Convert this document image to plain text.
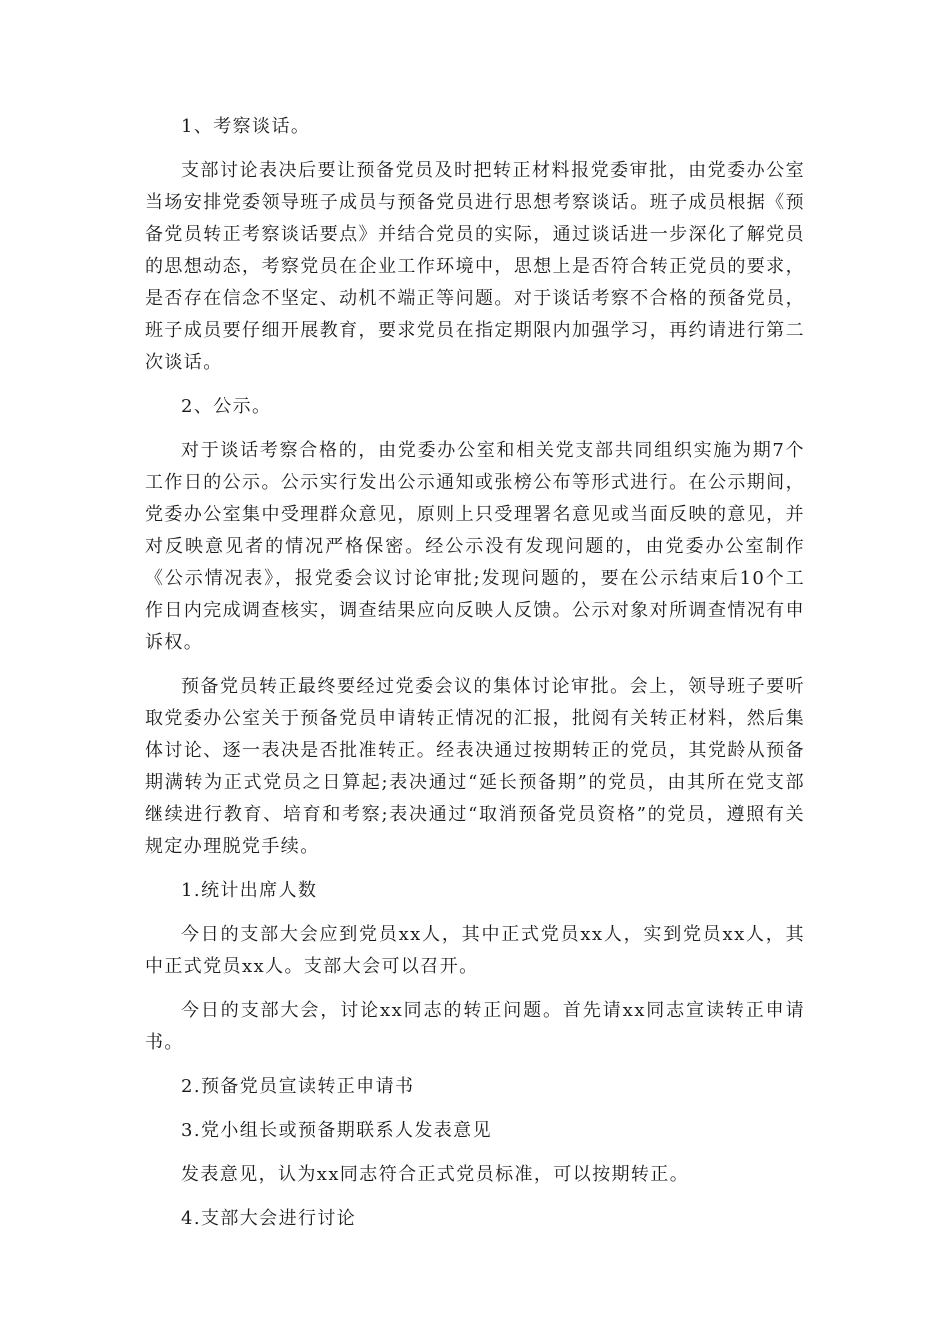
1、考察谈话。

支部讨论表决后要让预备党员及时把转正材料报党委审批，由党委办公室当场安排党委领导班子成员与预备党员进行思想考察谈话。班子成员根据《预备党员转正考察谈话要点》并结合党员的实际，通过谈话进一步深化了解党员的思想动态，考察党员在企业工作环境中，思想上是否符合转正党员的要求，是否存在信念不坚定、动机不端正等问题。对于谈话考察不合格的预备党员，班子成员要仔细开展教育，要求党员在指定期限内加强学习，再约请进行第二次谈话。

2、公示。

对于谈话考察合格的，由党委办公室和相关党支部共同组织实施为期7个工作日的公示。公示实行发出公示通知或张榜公布等形式进行。在公示期间，党委办公室集中受理群众意见，原则上只受理署名意见或当面反映的意见，并对反映意见者的情况严格保密。经公示没有发现问题的，由党委办公室制作《公示情况表》，报党委会议讨论审批;发现问题的，要在公示结束后10个工作日内完成调查核实，调查结果应向反映人反馈。公示对象对所调查情况有申诉权。

预备党员转正最终要经过党委会议的集体讨论审批。会上，领导班子要听取党委办公室关于预备党员申请转正情况的汇报，批阅有关转正材料，然后集体讨论、逐一表决是否批准转正。经表决通过按期转正的党员，其党龄从预备期满转为正式党员之日算起;表决通过“延长预备期”的党员，由其所在党支部继续进行教育、培育和考察;表决通过“取消预备党员资格”的党员，遵照有关规定办理脱党手续。

1.统计出席人数

今日的支部大会应到党员xx人，其中正式党员xx人，实到党员xx人，其中正式党员xx人。支部大会可以召开。

今日的支部大会，讨论xx同志的转正问题。首先请xx同志宣读转正申请书。

2.预备党员宣读转正申请书

3.党小组长或预备期联系人发表意见

发表意见，认为xx同志符合正式党员标准，可以按期转正。

4.支部大会进行讨论
